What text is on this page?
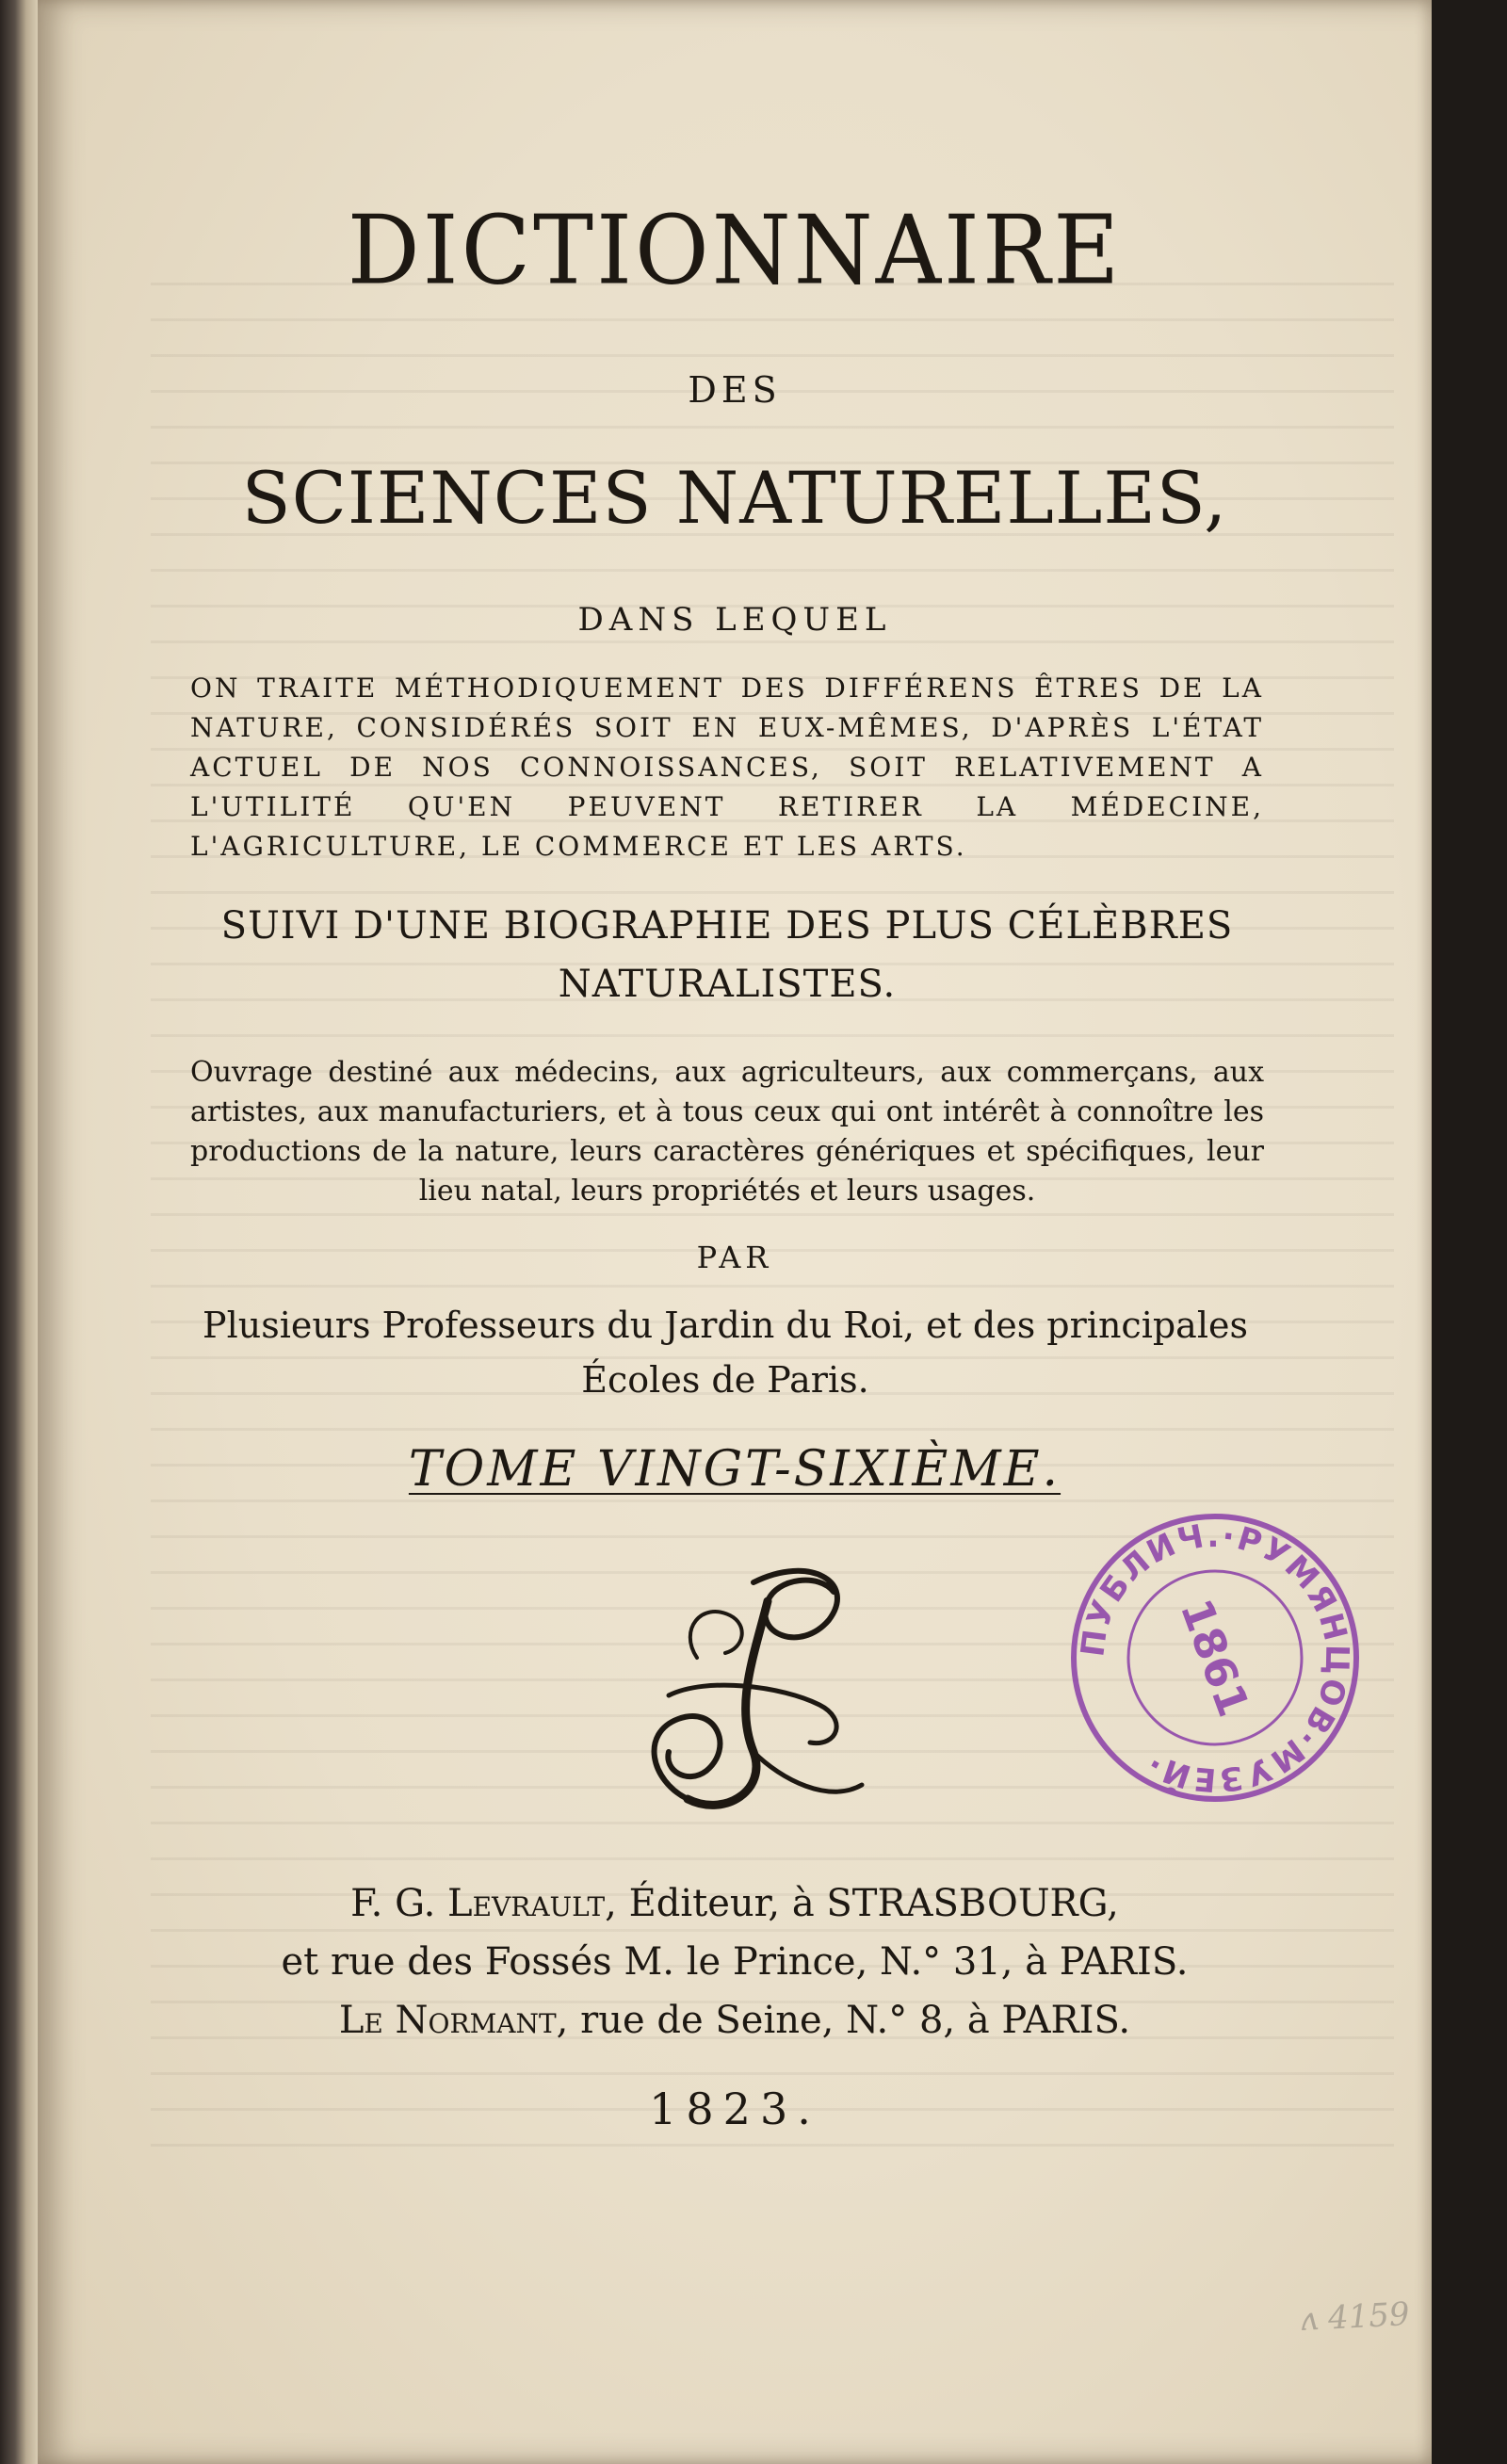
DICTIONNAIRE
DES
SCIENCES NATURELLES,
DANS LEQUEL
ON TRAITE MÉTHODIQUEMENT DES DIFFÉRENS ÊTRES DE LA NATURE, CONSIDÉRÉS SOIT EN EUX-MÊMES, D'APRÈS L'ÉTAT ACTUEL DE NOS CONNOISSANCES, SOIT RELATIVEMENT A L'UTILITÉ QU'EN PEUVENT RETIRER LA MÉDECINE, L'AGRICULTURE, LE COMMERCE ET LES ARTS.
SUIVI D'UNE BIOGRAPHIE DES PLUS CÉLÈBRES NATURALISTES.
Ouvrage destiné aux médecins, aux agriculteurs, aux commerçans, aux artistes, aux manufacturiers, et à tous ceux qui ont intérêt à connoître les productions de la nature, leurs caractères génériques et spécifiques, leur lieu natal, leurs propriétés et leurs usages.
PAR
Plusieurs Professeurs du Jardin du Roi, et des principales
Écoles de Paris.
TOME VINGT-SIXIÈME.
F. G. Levrault, Éditeur, à STRASBOURG,
et rue des Fossés M. le Prince, N.° 31, à PARIS.
Le Normant, rue de Seine, N.° 8, à PARIS.
1823.
ПУБЛИЧ.·РУМЯНЦОВ·МУЗЕЙ·
1861
ʌ 4159
